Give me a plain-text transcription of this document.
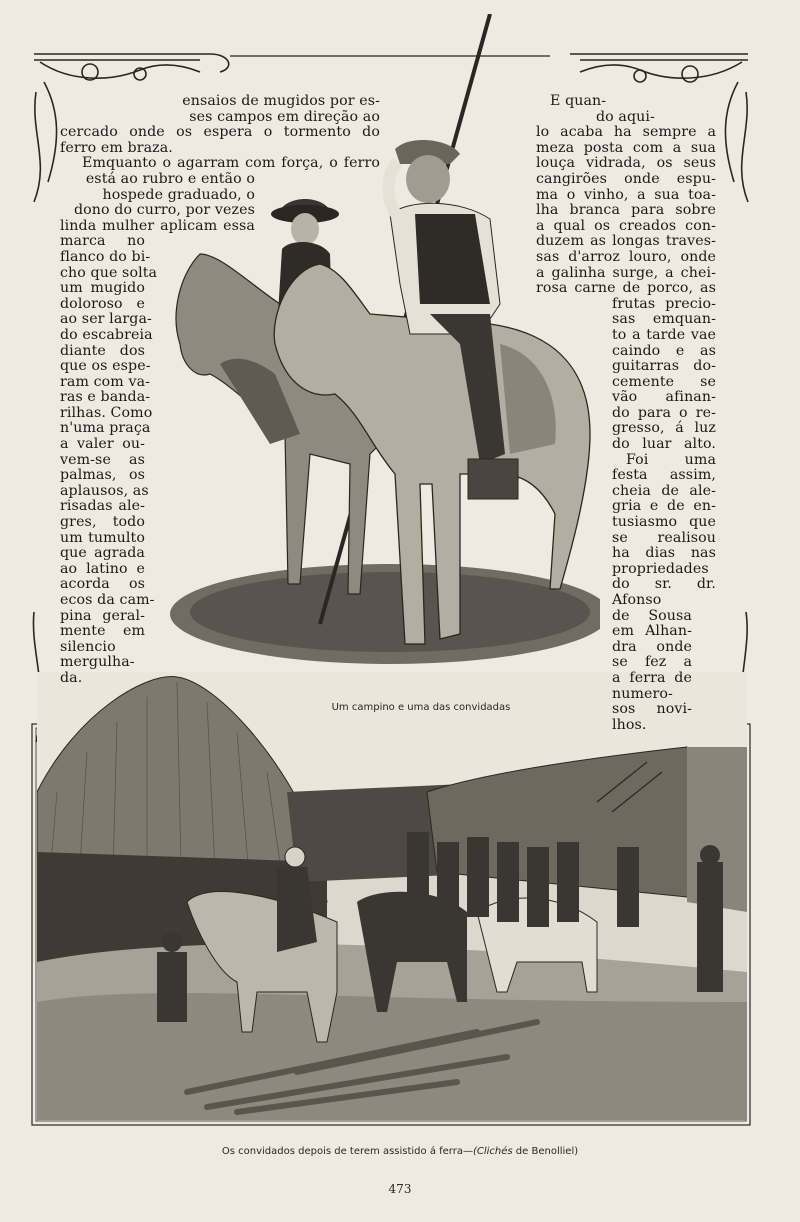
ensaios de mugidos por es-
ses campos em direção ao
cercado onde os espera o tormento do
ferro em braza.
Emquanto o agarram com força, o ferro
está ao rubro e então o
hospede graduado, o
dono do curro, por vezes
linda mulher aplicam essa
marca no
flanco do bi-
cho que solta
um mugido
doloroso e
ao ser larga-
do escabreia
diante dos
que os espe-
ram com va-
ras e banda-
rilhas. Como
n'uma praça
a valer ou-
vem-se as
palmas, os
aplausos, as
risadas ale-
gres, todo
um tumulto
que agrada
ao latino e
acorda os
ecos da cam-
pina geral-
mente em
silencio
mergulha-
da.
E quan-
do aqui-
lo acaba ha sempre a
meza posta com a sua
louça vidrada, os seus
cangirões onde espu-
ma o vinho, a sua toa-
lha branca para sobre
a qual os creados con-
duzem as longas traves-
sas d'arroz louro, onde
a galinha surge, a chei-
rosa carne de porco, as
frutas precio-
sas emquan-
to a tarde vae
caindo e as
guitarras do-
cemente se
vão afinan-
do para o re-
gresso, á luz
do luar alto.
Foi uma
festa assim,
cheia de ale-
gria e de en-
tusiasmo que
se realisou
ha dias nas
propriedades
do sr. dr.
Afonso
de Sousa
em Alhan-
dra onde
se fez a
a ferra de
numero-
sos novi-
lhos.
Um campino e uma das convidadas
Os convidados depois de terem assistido á ferra—(Clichés de Benolliel)
473
